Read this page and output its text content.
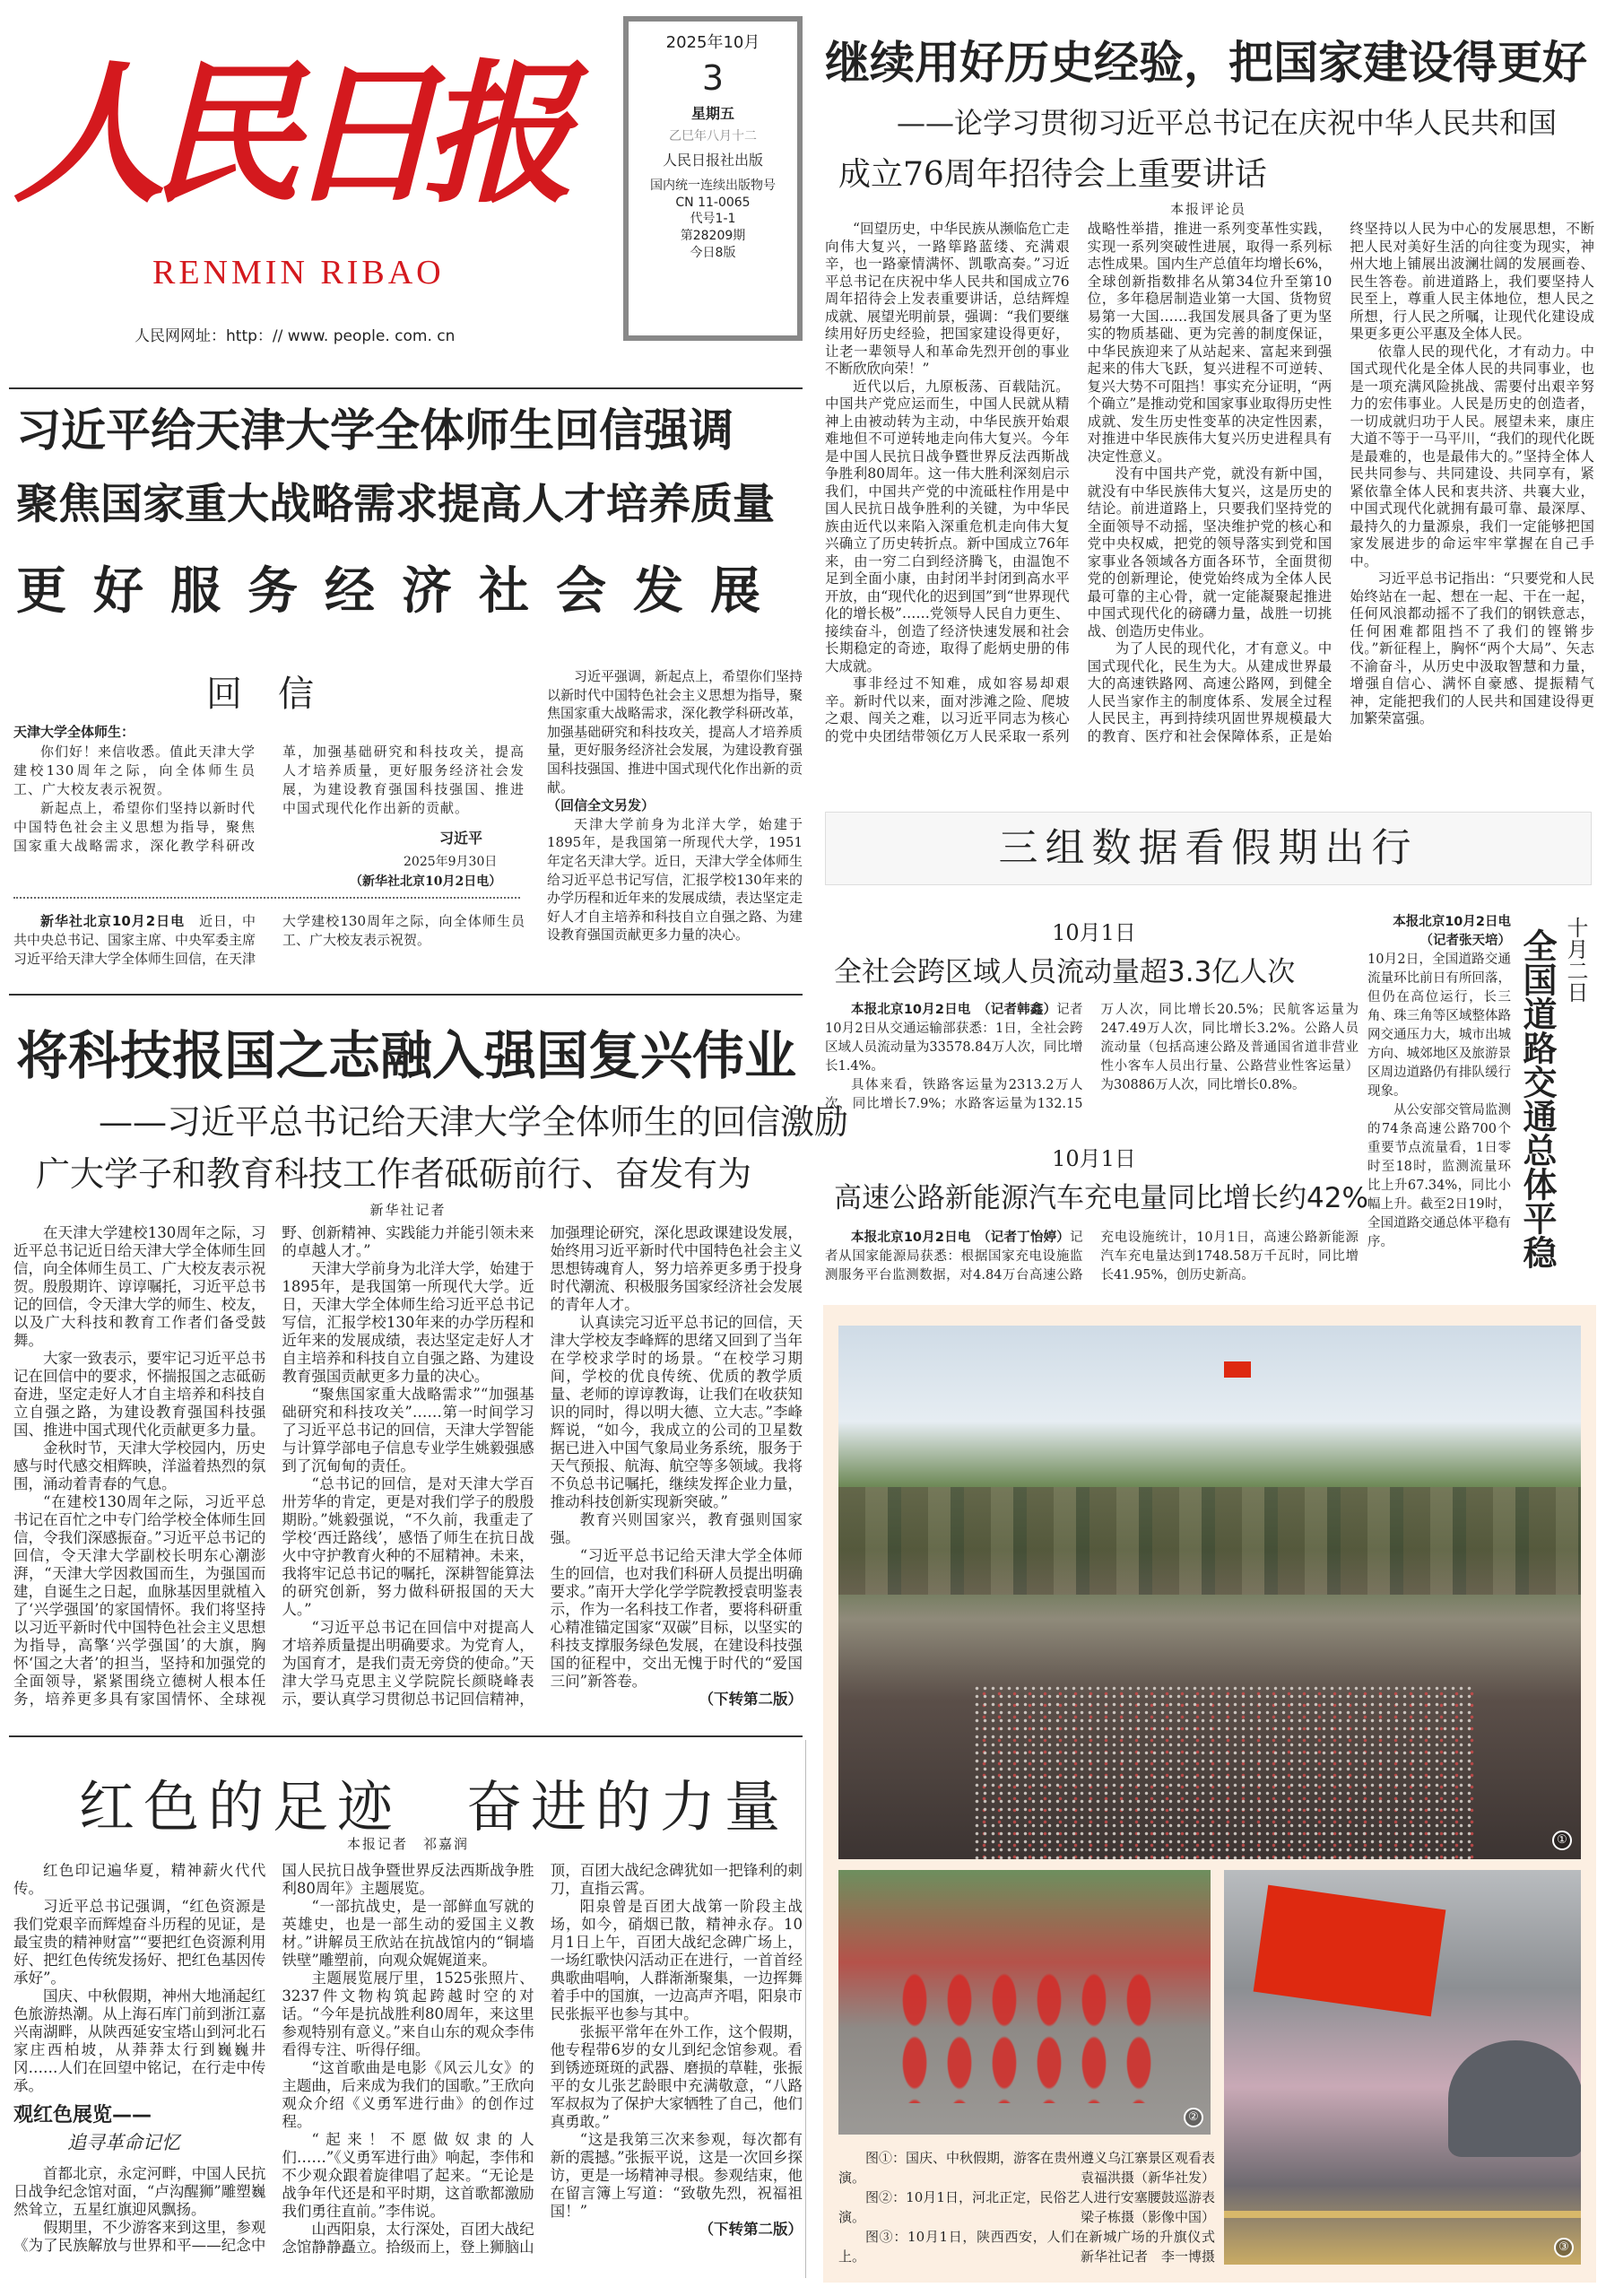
人民日报
RENMIN RIBAO
人民网网址：http：// www. people. com. cn
2025年10月
3
星期五
乙巳年八月十二
人民日报社出版
国内统一连续出版物号
CN 11-0065
代号1-1
第28209期
今日8版
继续用好历史经验，把国家建设得更好
——论学习贯彻习近平总书记在庆祝中华人民共和国
成立76周年招待会上重要讲话
本报评论员

“回望历史，中华民族从濒临危亡走向伟大复兴，一路筚路蓝缕、充满艰辛，也一路豪情满怀、凯歌高奏。”习近平总书记在庆祝中华人民共和国成立76周年招待会上发表重要讲话，总结辉煌成就、展望光明前景，强调：“我们要继续用好历史经验，把国家建设得更好，让老一辈领导人和革命先烈开创的事业不断欣欣向荣！”

近代以后，九原板荡、百载陆沉。中国共产党应运而生，中国人民就从精神上由被动转为主动，中华民族开始艰难地但不可逆转地走向伟大复兴。今年是中国人民抗日战争暨世界反法西斯战争胜利80周年。这一伟大胜利深刻启示我们，中国共产党的中流砥柱作用是中国人民抗日战争胜利的关键，为中华民族由近代以来陷入深重危机走向伟大复兴确立了历史转折点。新中国成立76年来，由一穷二白到经济腾飞，由温饱不足到全面小康，由封闭半封闭到高水平开放，由“现代化的迟到国”到“世界现代化的增长极”……党领导人民自力更生、接续奋斗，创造了经济快速发展和社会长期稳定的奇迹，取得了彪炳史册的伟大成就。

事非经过不知难，成如容易却艰辛。新时代以来，面对涉滩之险、爬坡之艰、闯关之难，以习近平同志为核心的党中央团结带领亿万人民采取一系列战略性举措，推进一系列变革性实践，实现一系列突破性进展，取得一系列标志性成果。国内生产总值年均增长6%，全球创新指数排名从第34位升至第10位，多年稳居制造业第一大国、货物贸易第一大国……我国发展具备了更为坚实的物质基础、更为完善的制度保证，中华民族迎来了从站起来、富起来到强起来的伟大飞跃，复兴进程不可逆转、复兴大势不可阻挡！事实充分证明，“两个确立”是推动党和国家事业取得历史性成就、发生历史性变革的决定性因素，对推进中华民族伟大复兴历史进程具有决定性意义。

没有中国共产党，就没有新中国，就没有中华民族伟大复兴，这是历史的结论。前进道路上，只要我们坚持党的全面领导不动摇，坚决维护党的核心和党中央权威，把党的领导落实到党和国家事业各领域各方面各环节，全面贯彻党的创新理论，使党始终成为全体人民最可靠的主心骨，就一定能凝聚起推进中国式现代化的磅礴力量，战胜一切挑战、创造历史伟业。

为了人民的现代化，才有意义。中国式现代化，民生为大。从建成世界最大的高速铁路网、高速公路网，到健全人民当家作主的制度体系、发展全过程人民民主，再到持续巩固世界规模最大的教育、医疗和社会保障体系，正是始终坚持以人民为中心的发展思想，不断把人民对美好生活的向往变为现实，神州大地上铺展出波澜壮阔的发展画卷、民生答卷。前进道路上，我们要坚持人民至上，尊重人民主体地位，想人民之所想，行人民之所嘱，让现代化建设成果更多更公平惠及全体人民。

依靠人民的现代化，才有动力。中国式现代化是全体人民的共同事业，也是一项充满风险挑战、需要付出艰辛努力的宏伟事业。人民是历史的创造者，一切成就归功于人民。展望未来，康庄大道不等于一马平川，“我们的现代化既是最难的，也是最伟大的。”坚持全体人民共同参与、共同建设、共同享有，紧紧依靠全体人民和衷共济、共襄大业，中国式现代化就拥有最可靠、最深厚、最持久的力量源泉，我们一定能够把国家发展进步的命运牢牢掌握在自己手中。

习近平总书记指出：“只要党和人民始终站在一起、想在一起、干在一起，任何风浪都动摇不了我们的钢铁意志，任何困难都阻挡不了我们的铿锵步伐。”新征程上，胸怀“两个大局”、矢志不渝奋斗，从历史中汲取智慧和力量，增强自信心、满怀自豪感、提振精气神，定能把我们的人民共和国建设得更加繁荣富强。

习近平给天津大学全体师生回信强调
聚焦国家重大战略需求提高人才培养质量
更好服务经济社会发展
回信
天津大学全体师生：

你们好！来信收悉。值此天津大学建校130周年之际，向全体师生员工、广大校友表示祝贺。

新起点上，希望你们坚持以新时代中国特色社会主义思想为指导，聚焦国家重大战略需求，深化教学科研改革，加强基础研究和科技攻关，提高人才培养质量，更好服务经济社会发展，为建设教育强国科技强国、推进中国式现代化作出新的贡献。

习近平
2025年9月30日
（新华社北京10月2日电）

新华社北京10月2日电　 近日，中共中央总书记、国家主席、中央军委主席习近平给天津大学全体师生回信，在天津大学建校130周年之际，向全体师生员工、广大校友表示祝贺。

习近平强调，新起点上，希望你们坚持以新时代中国特色社会主义思想为指导，聚焦国家重大战略需求，深化教学科研改革，加强基础研究和科技攻关，提高人才培养质量，更好服务经济社会发展，为建设教育强国科技强国、推进中国式现代化作出新的贡献。

（回信全文另发）

天津大学前身为北洋大学，始建于1895年，是我国第一所现代大学，1951年定名天津大学。近日，天津大学全体师生给习近平总书记写信，汇报学校130年来的办学历程和近年来的发展成绩，表达坚定走好人才自主培养和科技自立自强之路、为建设教育强国贡献更多力量的决心。

将科技报国之志融入强国复兴伟业
——习近平总书记给天津大学全体师生的回信激励
广大学子和教育科技工作者砥砺前行、奋发有为
新华社记者

在天津大学建校130周年之际，习近平总书记近日给天津大学全体师生回信，向全体师生员工、广大校友表示祝贺。殷殷期许、谆谆嘱托，习近平总书记的回信，令天津大学的师生、校友，以及广大科技和教育工作者们备受鼓舞。

大家一致表示，要牢记习近平总书记在回信中的要求，怀揣报国之志砥砺奋进，坚定走好人才自主培养和科技自立自强之路，为建设教育强国科技强国、推进中国式现代化贡献更多力量。

金秋时节，天津大学校园内，历史感与时代感交相辉映，洋溢着热烈的氛围，涌动着青春的气息。

“在建校130周年之际，习近平总书记在百忙之中专门给学校全体师生回信，令我们深感振奋。”习近平总书记的回信，令天津大学副校长明东心潮澎湃，“天津大学因救国而生，为强国而建，自诞生之日起，血脉基因里就植入了‘兴学强国’的家国情怀。我们将坚持以习近平新时代中国特色社会主义思想为指导，高擎‘兴学强国’的大旗，胸怀‘国之大者’的担当，坚持和加强党的全面领导，紧紧围绕立德树人根本任务，培养更多具有家国情怀、全球视野、创新精神、实践能力并能引领未来的卓越人才。”

天津大学前身为北洋大学，始建于1895年，是我国第一所现代大学。近日，天津大学全体师生给习近平总书记写信，汇报学校130年来的办学历程和近年来的发展成绩，表达坚定走好人才自主培养和科技自立自强之路、为建设教育强国贡献更多力量的决心。

“聚焦国家重大战略需求”“加强基础研究和科技攻关”……第一时间学习了习近平总书记的回信，天津大学智能与计算学部电子信息专业学生姚毅强感到了沉甸甸的责任。

“总书记的回信，是对天津大学百卅芳华的肯定，更是对我们学子的殷殷期盼。”姚毅强说，“不久前，我重走了学校‘西迁路线’，感悟了师生在抗日战火中守护教育火种的不屈精神。未来，我将牢记总书记的嘱托，深耕智能算法的研究创新，努力做科研报国的天大人。”

“习近平总书记在回信中对提高人才培养质量提出明确要求。为党育人，为国育才，是我们责无旁贷的使命。”天津大学马克思主义学院院长颜晓峰表示，要认真学习贯彻总书记回信精神，加强理论研究，深化思政课建设发展，始终用习近平新时代中国特色社会主义思想铸魂育人，努力培养更多勇于投身时代潮流、积极服务国家经济社会发展的青年人才。

认真读完习近平总书记的回信，天津大学校友李峰辉的思绪又回到了当年在学校求学时的场景。“在校学习期间，学校的优良传统、优质的教学质量、老师的谆谆教诲，让我们在收获知识的同时，得以明大德、立大志。”李峰辉说，“如今，我成立的公司的卫星数据已进入中国气象局业务系统，服务于天气预报、航海、航空等多领域。我将不负总书记嘱托，继续发挥企业力量，推动科技创新实现新突破。”

教育兴则国家兴，教育强则国家强。

“习近平总书记给天津大学全体师生的回信，也对我们科研人员提出明确要求。”南开大学化学学院教授袁明鉴表示，作为一名科技工作者，要将科研重心精准锚定国家“双碳”目标，以坚实的科技支撑服务绿色发展，在建设科技强国的征程中，交出无愧于时代的“爱国三问”新答卷。

（下转第二版）

红色的足迹　奋进的力量
本报记者　祁嘉润

红色印记遍华夏，精神薪火代代传。

习近平总书记强调，“红色资源是我们党艰辛而辉煌奋斗历程的见证，是最宝贵的精神财富”“要把红色资源利用好、把红色传统发扬好、把红色基因传承好”。

国庆、中秋假期，神州大地涌起红色旅游热潮。从上海石库门前到浙江嘉兴南湖畔，从陕西延安宝塔山到河北石家庄西柏坡，从莽莽太行到巍巍井冈……人们在回望中铭记，在行走中传承。

观红色展览——
追寻革命记忆

首都北京，永定河畔，中国人民抗日战争纪念馆对面，“卢沟醒狮”雕塑巍然耸立，五星红旗迎风飘扬。

假期里，不少游客来到这里，参观《为了民族解放与世界和平——纪念中国人民抗日战争暨世界反法西斯战争胜利80周年》主题展览。

“一部抗战史，是一部鲜血写就的英雄史，也是一部生动的爱国主义教材。”讲解员王欣站在抗战馆内的“铜墙铁壁”雕塑前，向观众娓娓道来。

主题展览展厅里，1525张照片、3237件文物构筑起跨越时空的对话。“今年是抗战胜利80周年，来这里参观特别有意义。”来自山东的观众李伟看得专注、听得仔细。

“这首歌曲是电影《风云儿女》的主题曲，后来成为我们的国歌。”王欣向观众介绍《义勇军进行曲》的创作过程。

“起来！不愿做奴隶的人们……”《义勇军进行曲》响起，李伟和不少观众跟着旋律唱了起来。“无论是战争年代还是和平时期，这首歌都激励我们勇往直前。”李伟说。

山西阳泉，太行深处，百团大战纪念馆静静矗立。拾级而上，登上狮脑山顶，百团大战纪念碑犹如一把锋利的刺刀，直指云霄。

阳泉曾是百团大战第一阶段主战场，如今，硝烟已散，精神永存。10月1日上午，百团大战纪念碑广场上，一场红歌快闪活动正在进行，一首首经典歌曲唱响，人群渐渐聚集，一边挥舞着手中的国旗，一边高声齐唱，阳泉市民张振平也参与其中。

张振平常年在外工作，这个假期，他专程带6岁的女儿到纪念馆参观。看到锈迹斑斑的武器、磨损的草鞋，张振平的女儿张艺龄眼中充满敬意，“八路军叔叔为了保护大家牺牲了自己，他们真勇敢。”

“这是我第三次来参观，每次都有新的震撼。”张振平说，这是一次回乡探访，更是一场精神寻根。参观结束，他在留言簿上写道：“致敬先烈，祝福祖国！”

（下转第二版）

三组数据看假期出行
10月1日
全社会跨区域人员流动量超3.3亿人次

本报北京10月2日电　（记者韩鑫）记者10月2日从交通运输部获悉：1日，全社会跨区域人员流动量为33578.84万人次，同比增长1.4%。

具体来看，铁路客运量为2313.2万人次，同比增长7.9%；水路客运量为132.15万人次，同比增长20.5%；民航客运量为247.49万人次，同比增长3.2%。公路人员流动量（包括高速公路及普通国省道非营业性小客车人员出行量、公路营业性客运量）为30886万人次，同比增长0.8%。

10月1日
高速公路新能源汽车充电量同比增长约42%

本报北京10月2日电　（记者丁怡婷）记者从国家能源局获悉：根据国家充电设施监测服务平台监测数据，对4.84万台高速公路充电设施统计，10月1日，高速公路新能源汽车充电量达到1748.58万千瓦时，同比增长41.95%，创历史新高。

本报北京10月2日电　（记者张天培）

10月2日，全国道路交通流量环比前日有所回落，但仍在高位运行，长三角、珠三角等区域整体路网交通压力大，城市出城方向、城郊地区及旅游景区周边道路仍有排队缓行现象。

从公安部交管局监测的74条高速公路700个重要节点流量看，1日零时至18时，监测流量环比上升67.34%，同比小幅上升。截至2日19时，全国道路交通总体平稳有序。	全国道路交通总体平稳 十月二日
①
②
③
图①：国庆、中秋假期，游客在贵州遵义乌江寨景区观看表演。	袁福洪摄（新华社发）
图②：10月1日，河北正定，民俗艺人进行安塞腰鼓巡游表演。	梁子栋摄（影像中国）
图③：10月1日，陕西西安，人们在新城广场的升旗仪式上。	新华社记者　李一博摄
